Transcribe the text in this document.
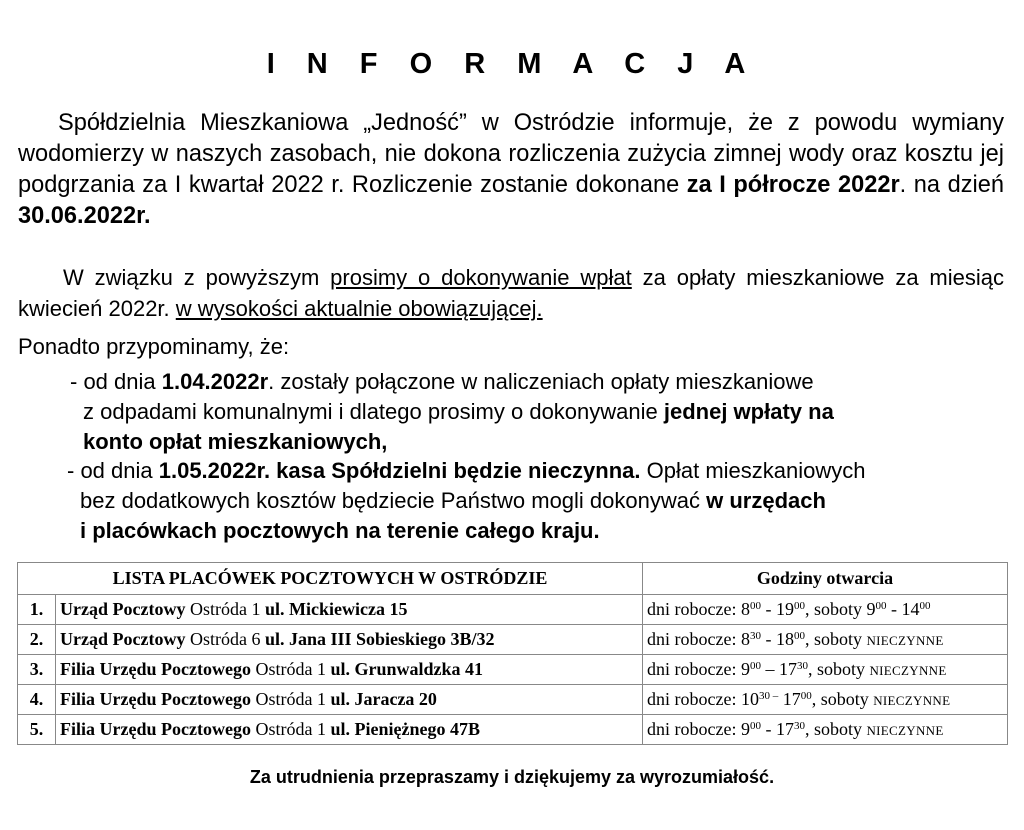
I N F O R M A C J A
Spółdzielnia Mieszkaniowa „Jedność” w Ostródzie informuje, że z powodu wymiany wodomierzy w naszych zasobach, nie dokona rozliczenia zużycia zimnej wody oraz kosztu jej podgrzania za I kwartał 2022 r. Rozliczenie zostanie dokonane za I półrocze 2022r. na dzień 30.06.2022r.
W związku z powyższym prosimy o dokonywanie wpłat za opłaty mieszkaniowe za miesiąc kwiecień 2022r. w wysokości aktualnie obowiązującej.
Ponadto przypominamy, że:
- od dnia 1.04.2022r. zostały połączone w naliczeniach opłaty mieszkaniowe
z odpadami komunalnymi i dlatego prosimy o dokonywanie jednej wpłaty na
konto opłat mieszkaniowych,
- od dnia 1.05.2022r. kasa Spółdzielni będzie nieczynna. Opłat mieszkaniowych
bez dodatkowych kosztów będziecie Państwo mogli dokonywać w urzędach
i placówkach pocztowych na terenie całego kraju.
LISTA PLACÓWEK POCZTOWYCH W OSTRÓDZIE		Godziny otwarcia
1.	Urząd Pocztowy Ostróda 1 ul. Mickiewicza 15	dni robocze: $8^{00} - 19^{00}$, soboty $9^{00} - 14^{00}$
2.	Urząd Pocztowy Ostróda 6 ul. Jana III Sobieskiego 3B/32	dni robocze: $8^{30} - 18^{00}$, soboty NIECZYNNE
3.	Filia Urzędu Pocztowego Ostróda 1 ul. Grunwaldzka 41	dni robocze: $9^{00} - 17^{30}$, soboty NIECZYNNE
4.	Filia Urzędu Pocztowego Ostróda 1 ul. Jaracza 20	dni robocze: $10^{30 -}$ $17^{00}$, soboty NIECZYNNE
5.	Filia Urzędu Pocztowego Ostróda 1 ul. Pieniężnego 47B	dni robocze: $9^{00} - 17^{30}$, soboty NIECZYNNE
Za utrudnienia przepraszamy i dziękujemy za wyrozumiałość.
